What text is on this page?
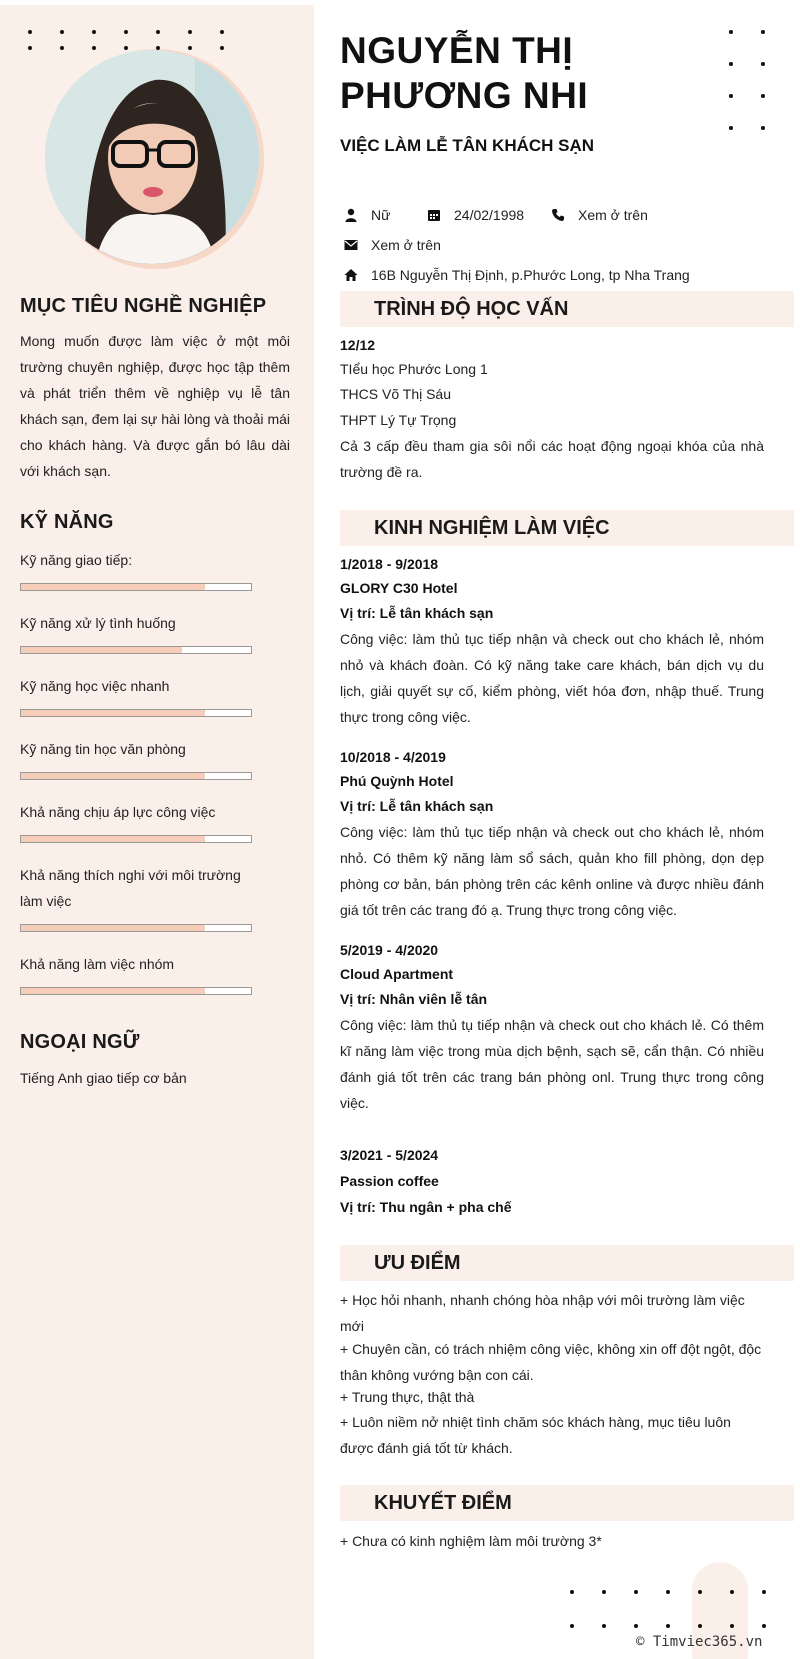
MỤC TIÊU NGHỀ NGHIỆP
Mong muốn được làm việc ở một môi trường chuyên nghiệp, được học tập thêm và phát triển thêm về nghiệp vụ lễ tân khách sạn, đem lại sự hài lòng và thoải mái cho khách hàng. Và được gắn bó lâu dài với khách sạn.
KỸ NĂNG
Kỹ năng giao tiếp:
Kỹ năng xử lý tình huống
Kỹ năng học việc nhanh
Kỹ năng tin học văn phòng
Khả năng chịu áp lực công việc
Khả năng thích nghi với môi trường làm việc
Khả năng làm việc nhóm
NGOẠI NGỮ
Tiếng Anh giao tiếp cơ bản
NGUYỄN THỊ
PHƯƠNG NHI
VIỆC LÀM LỄ TÂN KHÁCH SẠN
Nữ	24/02/1998	Xem ở trên
Xem ở trên
16B Nguyễn Thị Định, p.Phước Long, tp Nha Trang
TRÌNH ĐỘ HỌC VẤN
12/12
TIểu học Phước Long 1
THCS Võ Thị Sáu
THPT Lý Tự Trọng
Cả 3 cấp đều tham gia sôi nổi các hoạt động ngoại khóa của nhà trường đề ra.
KINH NGHIỆM LÀM VIỆC
1/2018 - 9/2018
GLORY C30 Hotel
Vị trí: Lễ tân khách sạn
Công việc: làm thủ tục tiếp nhận và check out cho khách lẻ, nhóm nhỏ và khách đoàn. Có kỹ năng take care khách, bán dịch vụ du lịch, giải quyết sự cố, kiểm phòng, viết hóa đơn, nhập thuế. Trung thực trong công việc.
10/2018 - 4/2019
Phú Quỳnh Hotel
Vị trí: Lễ tân khách sạn
Công việc: làm thủ tục tiếp nhận và check out cho khách lẻ, nhóm nhỏ. Có thêm kỹ năng làm sổ sách, quản kho fill phòng, dọn dẹp phòng cơ bản, bán phòng trên các kênh online và được nhiều đánh giá tốt trên các trang đó ạ. Trung thực trong công việc.
5/2019 - 4/2020
Cloud Apartment
Vị trí: Nhân viên lễ tân
Công việc: làm thủ tụ tiếp nhận và check out cho khách lẻ. Có thêm kĩ năng làm việc trong mùa dịch bệnh, sạch sẽ, cẩn thận. Có nhiều đánh giá tốt trên các trang bán phòng onl. Trung thực trong công việc.
3/2021 - 5/2024
Passion coffee
Vị trí: Thu ngân + pha chế
ƯU ĐIỂM
+ Học hỏi nhanh, nhanh chóng hòa nhập với môi trường làm việc mới
+ Chuyên cần, có trách nhiệm công việc, không xin off đột ngột, độc thân không vướng bận con cái.
+ Trung thực, thật thà
+ Luôn niềm nở nhiệt tình chăm sóc khách hàng, mục tiêu luôn được đánh giá tốt từ khách.
KHUYẾT ĐIỂM
+ Chưa có kinh nghiệm làm môi trường 3*
© Timviec365.vn
